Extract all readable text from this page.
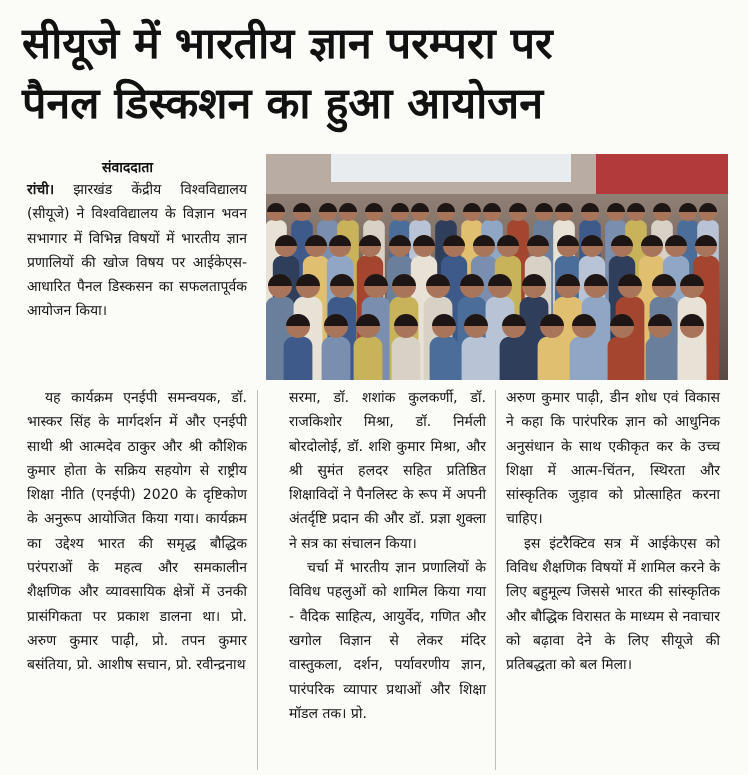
सीयूजे में भारतीय ज्ञान परम्परा पर
पैनल डिस्कशन का हुआ आयोजन
संवाददाता

रांची। झारखंड केंद्रीय विश्वविद्यालय (सीयूजे) ने विश्वविद्यालय के विज्ञान भवन सभागार में विभिन्न विषयों में भारतीय ज्ञान प्रणालियों की खोज विषय पर आईकेएस-आधारित पैनल डिस्कसन का सफलतापूर्वक आयोजन किया।

यह कार्यक्रम एनईपी समन्वयक, डॉ. भास्कर सिंह के मार्गदर्शन में और एनईपी साथी श्री आत्मदेव ठाकुर और श्री कौशिक कुमार होता के सक्रिय सहयोग से राष्ट्रीय शिक्षा नीति (एनईपी) 2020 के दृष्टिकोण के अनुरूप आयोजित किया गया। कार्यक्रम का उद्देश्य भारत की समृद्ध बौद्धिक परंपराओं के महत्व और समकालीन शैक्षणिक और व्यावसायिक क्षेत्रों में उनकी प्रासंगिकता पर प्रकाश डालना था। प्रो. अरुण कुमार पाढ़ी, प्रो. तपन कुमार बसंतिया, प्रो. आशीष सचान, प्रो. रवीन्द्रनाथ

सरमा, डॉ. शशांक कुलकर्णी, डॉ. राजकिशोर मिश्रा, डॉ. निर्मली बोरदोलोई, डॉ. शशि कुमार मिश्रा, और श्री सुमंत हलदर सहित प्रतिष्ठित शिक्षाविदों ने पैनलिस्ट के रूप में अपनी अंतर्दृष्टि प्रदान की और डॉ. प्रज्ञा शुक्ला ने सत्र का संचालन किया।

चर्चा में भारतीय ज्ञान प्रणालियों के विविध पहलुओं को शामिल किया गया - वैदिक साहित्य, आयुर्वेद, गणित और खगोल विज्ञान से लेकर मंदिर वास्तुकला, दर्शन, पर्यावरणीय ज्ञान, पारंपरिक व्यापार प्रथाओं और शिक्षा मॉडल तक। प्रो.

अरुण कुमार पाढ़ी, डीन शोध एवं विकास ने कहा कि पारंपरिक ज्ञान को आधुनिक अनुसंधान के साथ एकीकृत कर के उच्च शिक्षा में आत्म-चिंतन, स्थिरता और सांस्कृतिक जुड़ाव को प्रोत्साहित करना चाहिए।

इस इंटरैक्टिव सत्र में आईकेएस को विविध शैक्षणिक विषयों में शामिल करने के लिए बहुमूल्य जिससे भारत की सांस्कृतिक और बौद्धिक विरासत के माध्यम से नवाचार को बढ़ावा देने के लिए सीयूजे की प्रतिबद्धता को बल मिला।
